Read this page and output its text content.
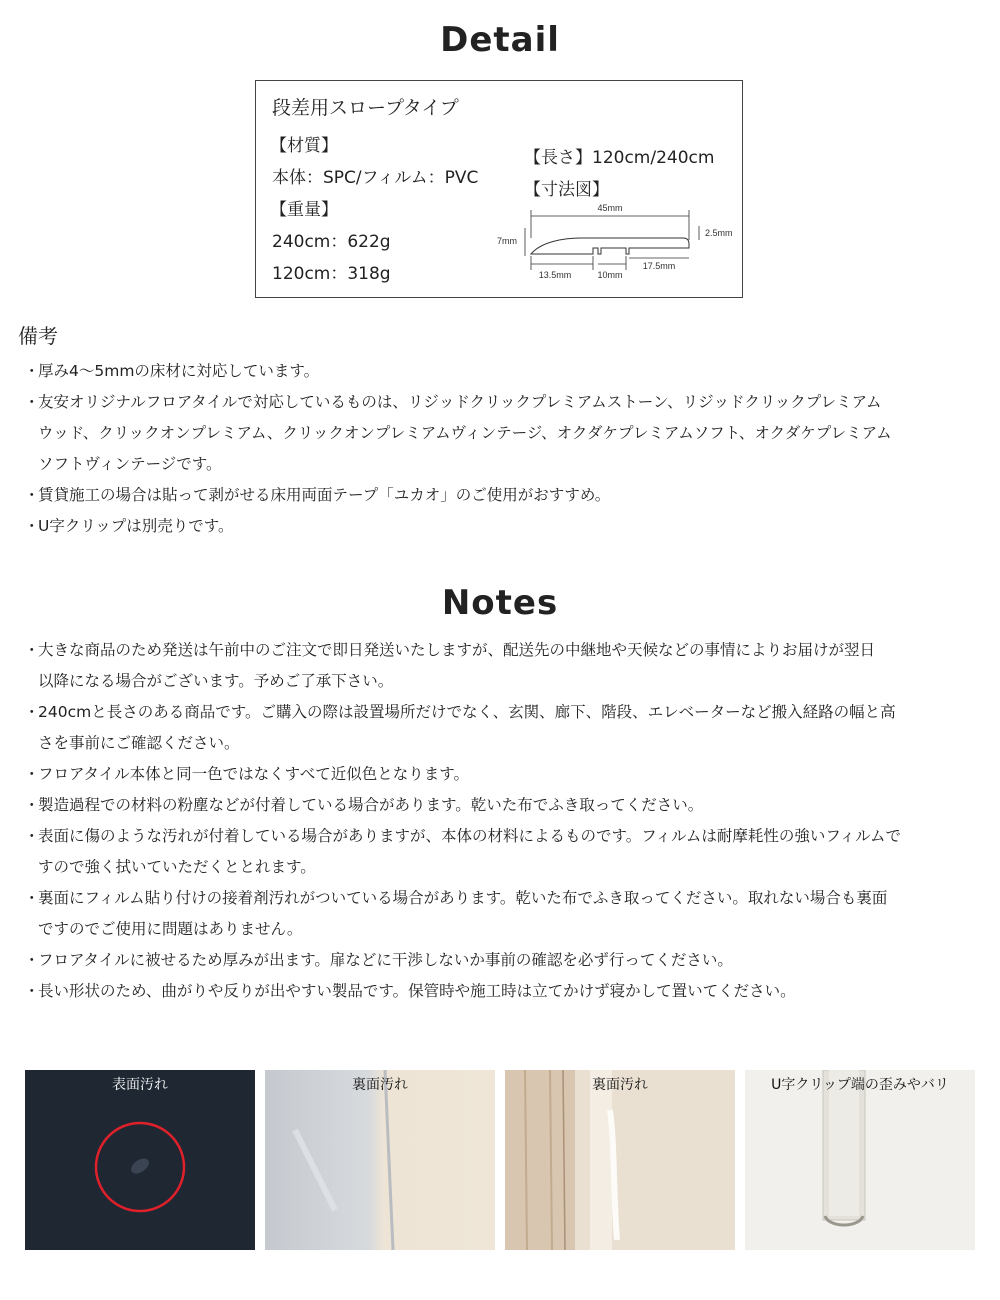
Detail
段差用スロープタイプ
【材質】
本体：SPC/フィルム：PVC
【重量】
240cm：622g
120cm：318g
【長さ】120cm/240cm
【寸法図】
45mm
7mm
2.5mm
13.5mm	10mm
17.5mm
備考
・
厚み4〜5mmの床材に対応しています。
・
友安オリジナルフロアタイルで対応しているものは、リジッドクリックプレミアムストーン、リジッドクリックプレミアム
ウッド、クリックオンプレミアム、クリックオンプレミアムヴィンテージ、オクダケプレミアムソフト、オクダケプレミアム
ソフトヴィンテージです。
・
賃貸施工の場合は貼って剥がせる床用両面テープ「ユカオ」のご使用がおすすめ。
・
U字クリップは別売りです。
Notes
・
大きな商品のため発送は午前中のご注文で即日発送いたしますが、配送先の中継地や天候などの事情によりお届けが翌日
以降になる場合がございます。予めご了承下さい。
・
240cmと長さのある商品です。ご購入の際は設置場所だけでなく、玄関、廊下、階段、エレベーターなど搬入経路の幅と高
さを事前にご確認ください。
・
フロアタイル本体と同一色ではなくすべて近似色となります。
・
製造過程での材料の粉塵などが付着している場合があります。乾いた布でふき取ってください。
・
表面に傷のような汚れが付着している場合がありますが、本体の材料によるものです。フィルムは耐摩耗性の強いフィルムで
すので強く拭いていただくととれます。
・
裏面にフィルム貼り付けの接着剤汚れがついている場合があります。乾いた布でふき取ってください。取れない場合も裏面
ですのでご使用に問題はありません。
・
フロアタイルに被せるため厚みが出ます。扉などに干渉しないか事前の確認を必ず行ってください。
・
長い形状のため、曲がりや反りが出やすい製品です。保管時や施工時は立てかけず寝かして置いてください。
表面汚れ	裏面汚れ	裏面汚れ	U字クリップ端の歪みやバリ
